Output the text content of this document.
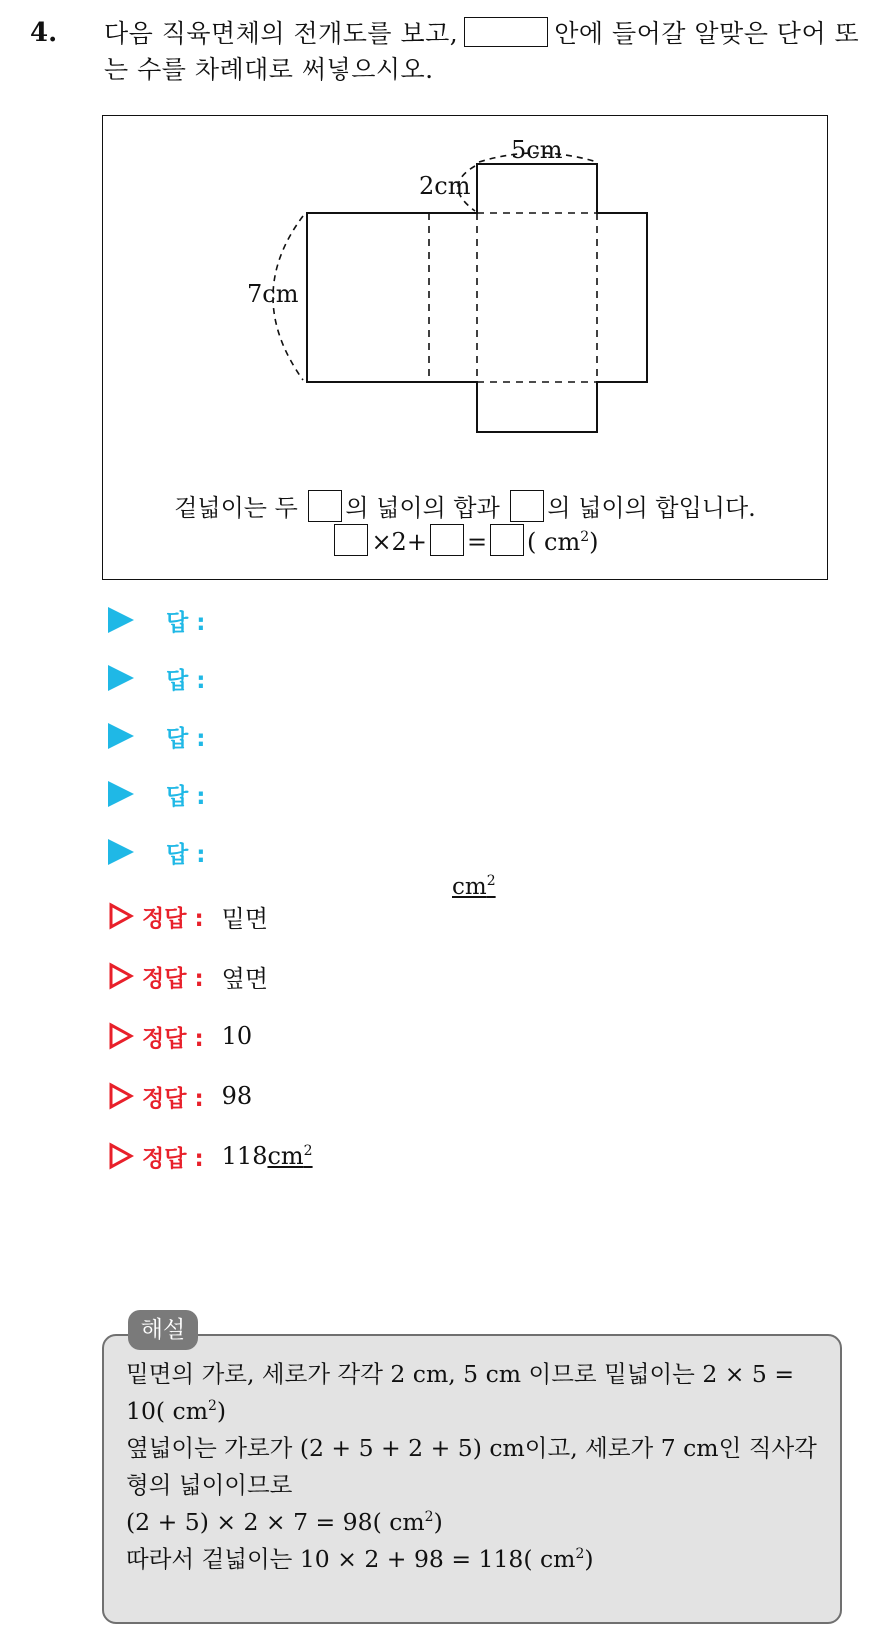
4. 다음 직육면체의 전개도를 보고,	안에 들어갈 알맞은 단어 또는 수를 차례대로 써넣으시오.
5cm
2cm
7cm
겉넓이는 두 의 넓이의 합과 의 넓이의 합입니다.
×2+ = ( $cm^2$)
답 :
답 :
답 :
답 :
답 :
$cm^2$
정답 : 밑면
정답 : 옆면
정답 : 10
정답 : 98
정답 : $118cm^2$
해설
밑면의 가로, 세로가 각각 2 cm, 5 cm 이므로 밑넓이는 2 × 5 =
10( $cm^2$)
옆넓이는 가로가 (2 + 5 + 2 + 5) cm이고, 세로가 7 cm인 직사각
형의 넓이이므로
(2 + 5) × 2 × 7 = 98( $cm^2$)
따라서 겉넓이는 10 × 2 + 98 = 118( $cm^2$)
